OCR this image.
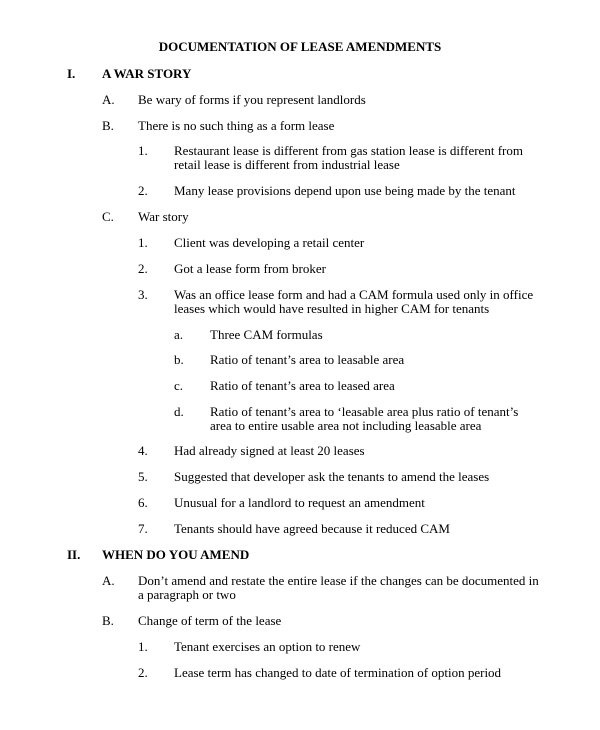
DOCUMENTATION OF LEASE AMENDMENTS
I. A WAR STORY
A. Be wary of forms if you represent landlords
B. There is no such thing as a form lease
1. Restaurant lease is different from gas station lease is different from
retail lease is different from industrial lease
2. Many lease provisions depend upon use being made by the tenant
C. War story
1. Client was developing a retail center
2. Got a lease form from broker
3. Was an office lease form and had a CAM formula used only in office
leases which would have resulted in higher CAM for tenants
a. Three CAM formulas
b. Ratio of tenant’s area to leasable area
c. Ratio of tenant’s area to leased area
d. Ratio of tenant’s area to ‘leasable area plus ratio of tenant’s
area to entire usable area not including leasable area
4. Had already signed at least 20 leases
5. Suggested that developer ask the tenants to amend the leases
6. Unusual for a landlord to request an amendment
7. Tenants should have agreed because it reduced CAM
II. WHEN DO YOU AMEND
A. Don’t amend and restate the entire lease if the changes can be documented in
a paragraph or two
B. Change of term of the lease
1. Tenant exercises an option to renew
2. Lease term has changed to date of termination of option period
